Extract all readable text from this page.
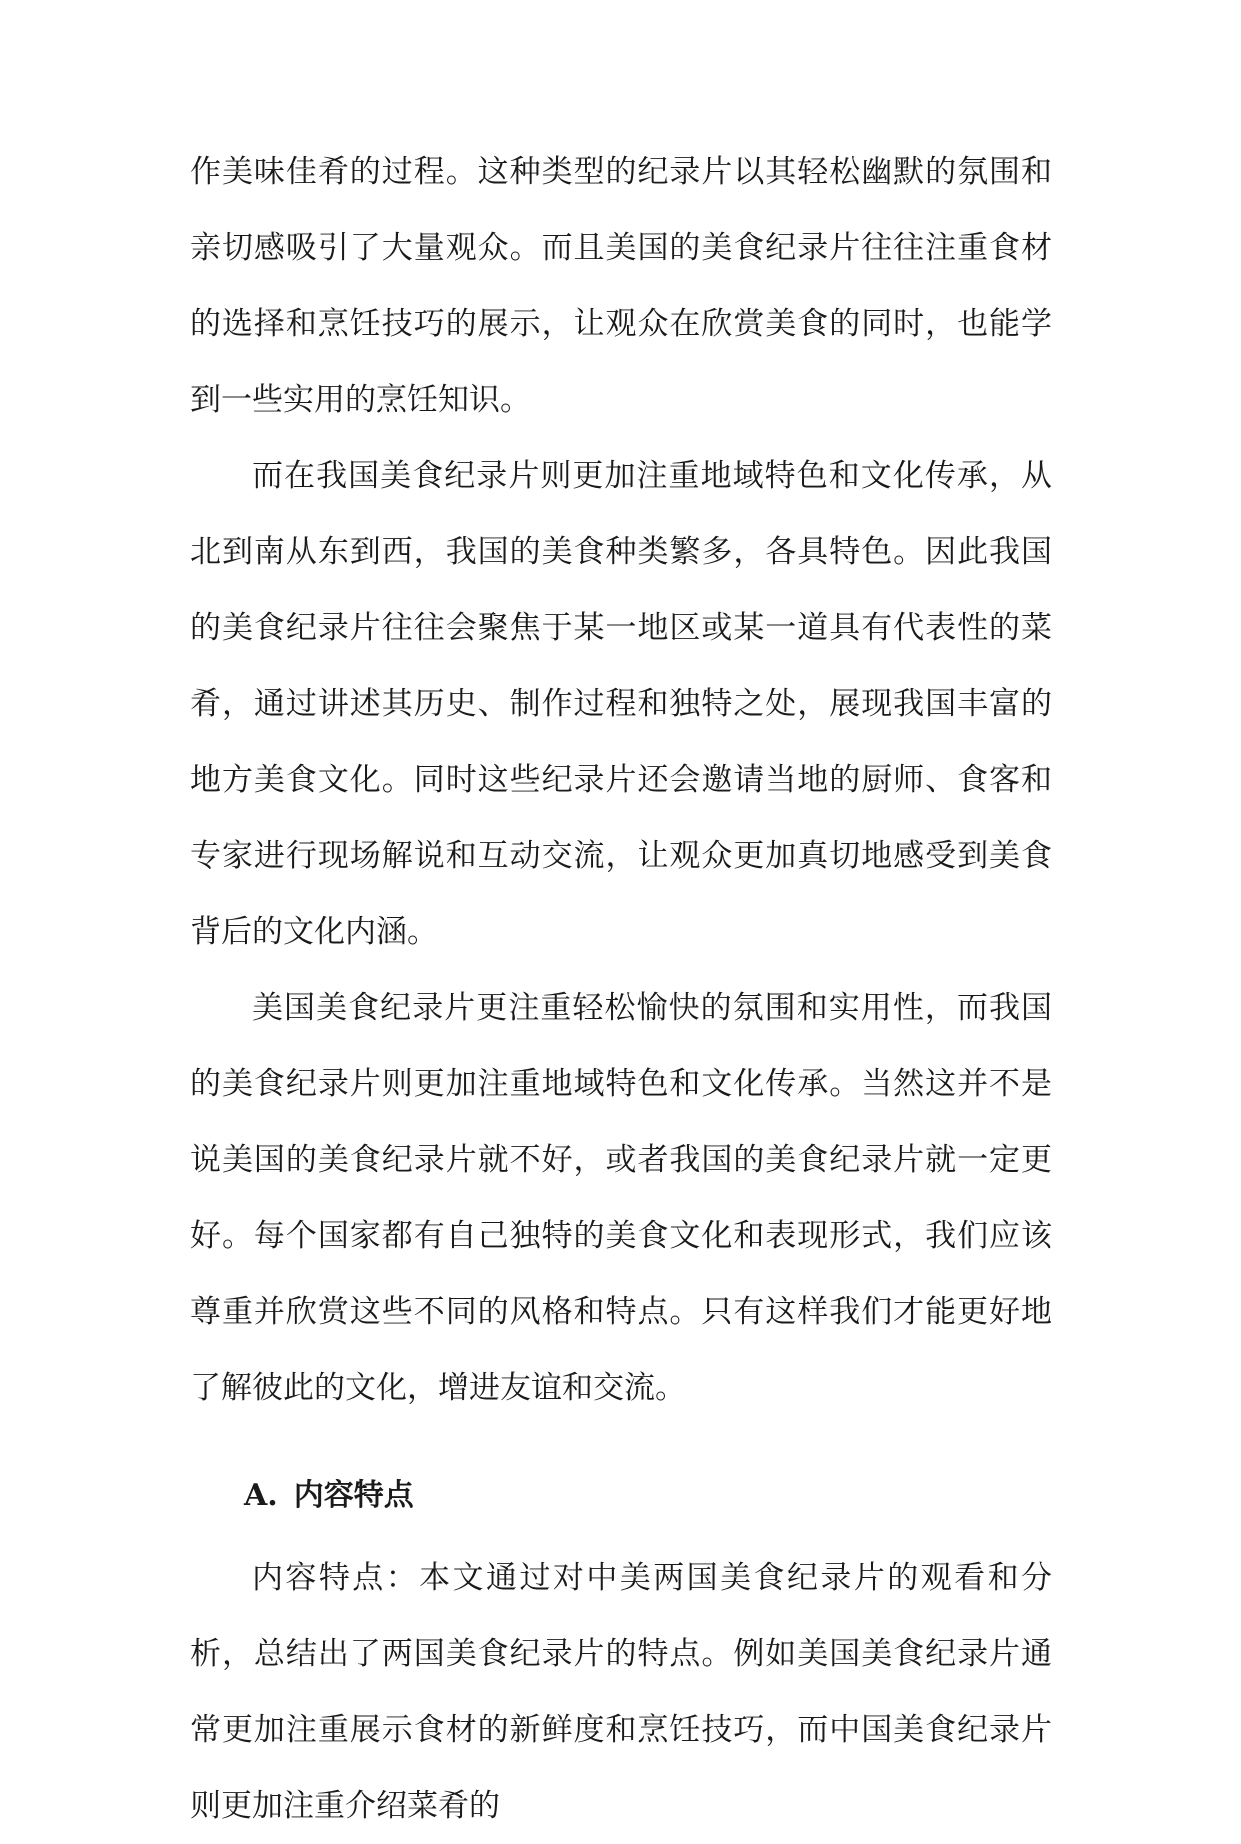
作美味佳肴的过程。这种类型的纪录片以其轻松幽默的氛围和亲切感吸引了大量观众。而且美国的美食纪录片往往注重食材的选择和烹饪技巧的展示，让观众在欣赏美食的同时，也能学到一些实用的烹饪知识。

而在我国美食纪录片则更加注重地域特色和文化传承，从北到南从东到西，我国的美食种类繁多，各具特色。因此我国的美食纪录片往往会聚焦于某一地区或某一道具有代表性的菜肴，通过讲述其历史、制作过程和独特之处，展现我国丰富的地方美食文化。同时这些纪录片还会邀请当地的厨师、食客和专家进行现场解说和互动交流，让观众更加真切地感受到美食背后的文化内涵。

美国美食纪录片更注重轻松愉快的氛围和实用性，而我国的美食纪录片则更加注重地域特色和文化传承。当然这并不是说美国的美食纪录片就不好，或者我国的美食纪录片就一定更好。每个国家都有自己独特的美食文化和表现形式，我们应该尊重并欣赏这些不同的风格和特点。只有这样我们才能更好地了解彼此的文化，增进友谊和交流。

A. 内容特点

内容特点：本文通过对中美两国美食纪录片的观看和分析，总结出了两国美食纪录片的特点。例如美国美食纪录片通常更加注重展示食材的新鲜度和烹饪技巧，而中国美食纪录片则更加注重介绍菜肴的
